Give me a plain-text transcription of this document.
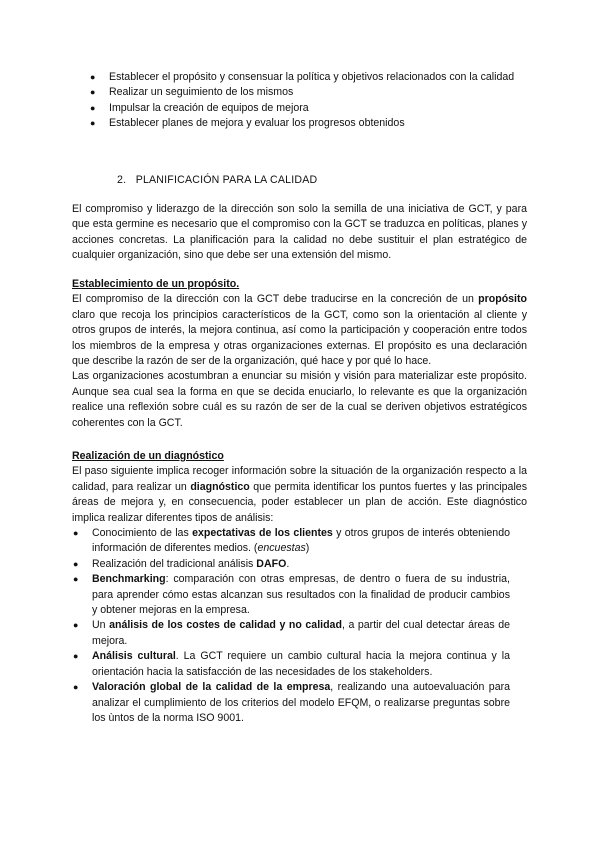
● Establecer el propósito y consensuar la política y objetivos relacionados con la calidad
● Realizar un seguimiento de los mismos
● Impulsar la creación de equipos de mejora
● Establecer planes de mejora y evaluar los progresos obtenidos
2. PLANIFICACIÓN PARA LA CALIDAD

El compromiso y liderazgo de la dirección son solo la semilla de una iniciativa de GCT, y para que esta germine es necesario que el compromiso con la GCT se traduzca en políticas, planes y acciones concretas. La planificación para la calidad no debe sustituir el plan estratégico de cualquier organización, sino que debe ser una extensión del mismo.

Establecimiento de un propósito.

El compromiso de la dirección con la GCT debe traducirse en la concreción de un propósito claro que recoja los principios característicos de la GCT, como son la orientación al cliente y otros grupos de interés, la mejora continua, así como la participación y cooperación entre todos los miembros de la empresa y otras organizaciones externas. El propósito es una declaración que describe la razón de ser de la organización, qué hace y por qué lo hace.

Las organizaciones acostumbran a enunciar su misión y visión para materializar este propósito. Aunque sea cual sea la forma en que se decida enuciarlo, lo relevante es que la organización realice una reflexión sobre cuál es su razón de ser de la cual se deriven objetivos estratégicos coherentes con la GCT.

Realización de un diagnóstico

El paso siguiente implica recoger información sobre la situación de la organización respecto a la calidad, para realizar un diagnóstico que permita identificar los puntos fuertes y las principales áreas de mejora y, en consecuencia, poder establecer un plan de acción. Este diagnóstico implica realizar diferentes tipos de análisis:

● Conocimiento de las expectativas de los clientes y otros grupos de interés obteniendo información de diferentes medios. (encuestas)
● Realización del tradicional análisis DAFO.
● Benchmarking: comparación con otras empresas, de dentro o fuera de su industria, para aprender cómo estas alcanzan sus resultados con la finalidad de producir cambios y obtener mejoras en la empresa.
● Un análisis de los costes de calidad y no calidad, a partir del cual detectar áreas de mejora.
● Análisis cultural. La GCT requiere un cambio cultural hacia la mejora continua y la orientación hacia la satisfacción de las necesidades de los stakeholders.
● Valoración global de la calidad de la empresa, realizando una autoevaluación para analizar el cumplimiento de los criterios del modelo EFQM, o realizarse preguntas sobre los ùntos de la norma ISO 9001.
